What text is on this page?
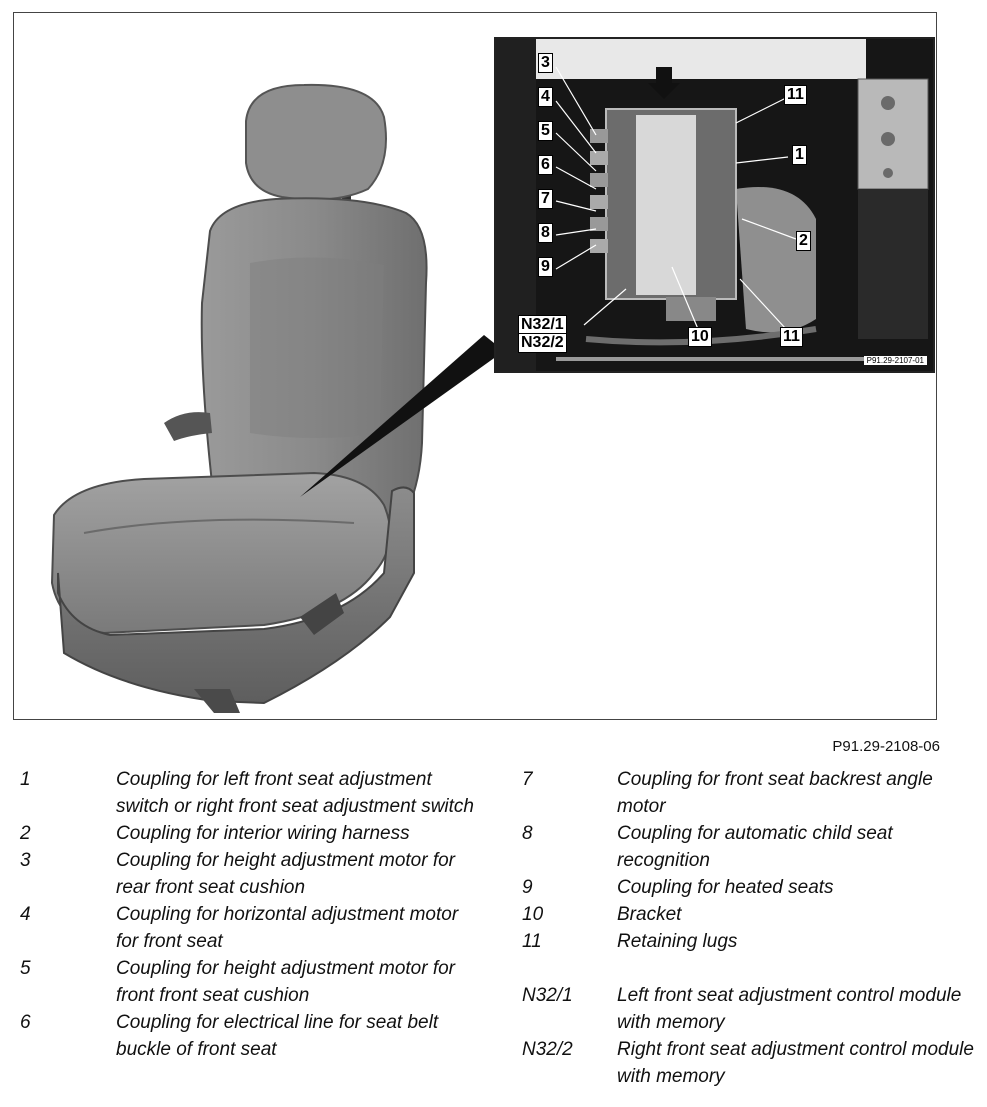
3
4
5
6
7
8
9
N32/1
N32/2
11
1
2
10	11
P91.29-2107-01
P91.29-2108-06
1	Coupling for left front seat adjustment switch or right front seat adjustment switch
2	Coupling for interior wiring harness
3	Coupling for height adjustment motor for rear front seat cushion
4	Coupling for horizontal adjustment motor for front seat
5	Coupling for height adjustment motor for front front seat cushion
6	Coupling for electrical line for seat belt buckle of front seat
7	Coupling for front seat backrest angle motor
8	Coupling for automatic child seat recognition
9	Coupling for heated seats
10	Bracket
11	Retaining lugs
N32/1 Left front seat adjustment control module with memory
N32/2 Right front seat adjustment control module with memory
